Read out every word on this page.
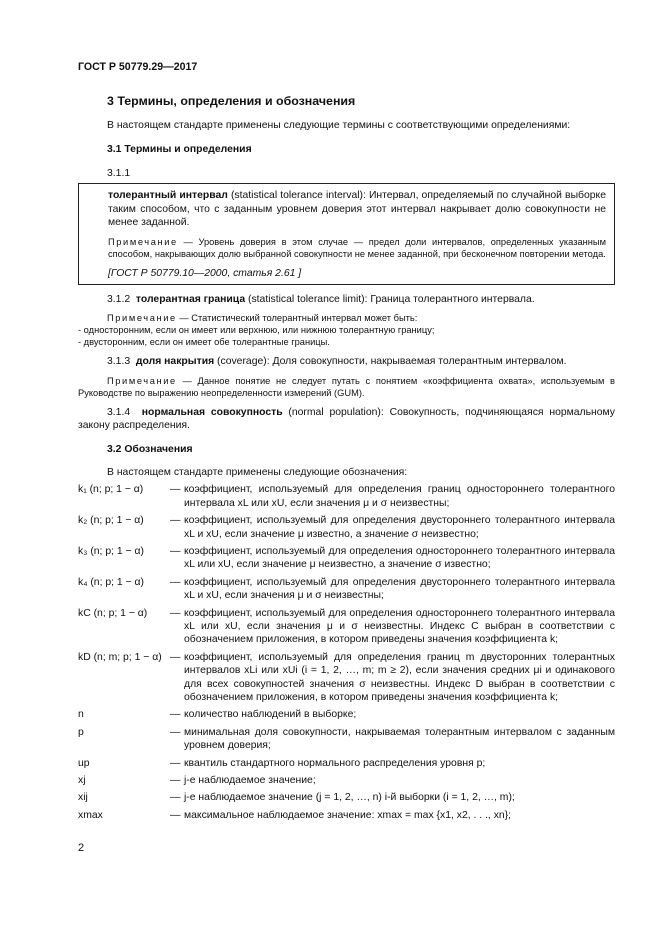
ГОСТ Р 50779.29—2017

3 Термины, определения и обозначения

В настоящем стандарте применены следующие термины с соответствующими определениями:

3.1 Термины и определения

3.1.1

толерантный интервал (statistical tolerance interval): Интервал, определяемый по случайной выборке таким способом, что с заданным уровнем доверия этот интервал накрывает долю совокупности не менее заданной.

Примечание — Уровень доверия в этом случае — предел доли интервалов, определенных указанным способом, накрывающих долю выбранной совокупности не менее заданной, при бесконечном повторении метода.

[ГОСТ Р 50779.10—2000, статья 2.61 ]

3.1.2 толерантная граница (statistical tolerance limit): Граница толерантного интервала.

Примечание — Статистический толерантный интервал может быть:

- односторонним, если он имеет или верхнюю, или нижнюю толерантную границу;

- двусторонним, если он имеет обе толерантные границы.

3.1.3 доля накрытия (coverage): Доля совокупности, накрываемая толерантным интервалом.

Примечание — Данное понятие не следует путать с понятием «коэффициента охвата», используемым в Руководстве по выражению неопределенности измерений (GUM).

3.1.4 нормальная совокупность (normal population): Совокупность, подчиняющаяся нормальному закону распределения.

3.2 Обозначения

В настоящем стандарте применены следующие обозначения:

k₁ (n; p; 1 − α)	— коэффициент, используемый для определения границ одностороннего толерантного интервала xL или xU, если значения μ и σ неизвестны;
k₂ (n; p; 1 − α)	— коэффициент, используемый для определения двустороннего толерантного интервала xL и xU, если значение μ известно, а значение σ неизвестно;
k₃ (n; p; 1 − α)	— коэффициент, используемый для определения одностороннего толерантного интервала xL или xU, если значение μ неизвестно, а значение σ известно;
k₄ (n; p; 1 − α)	— коэффициент, используемый для определения двустороннего толерантного интервала xL и xU, если значения μ и σ неизвестны;
kC (n; p; 1 − α)	— коэффициент, используемый для определения одностороннего толерантного интервала xL или xU, если значения μ и σ неизвестны. Индекс C выбран в соответствии с обозначением приложения, в котором приведены значения коэффициента k;
kD (n; m; p; 1 − α) — коэффициент, используемый для определения границ m двусторонних толерантных интервалов xLi или xUi (i = 1, 2, …, m; m ≥ 2), если значения средних μi и одинакового для всех совокупностей значения σ неизвестны. Индекс D выбран в соответствии с обозначением приложения, в котором приведены значения коэффициента k;
n	— количество наблюдений в выборке;
p	— минимальная доля совокупности, накрываемая толерантным интервалом с заданным уровнем доверия;
up	— квантиль стандартного нормального распределения уровня p;
xj	— j-е наблюдаемое значение;
xij	— j-е наблюдаемое значение (j = 1, 2, …, n) i-й выборки (i = 1, 2, …, m);
xmax	— максимальное наблюдаемое значение: xmax = max {x1, x2, . . ., xn};
2
